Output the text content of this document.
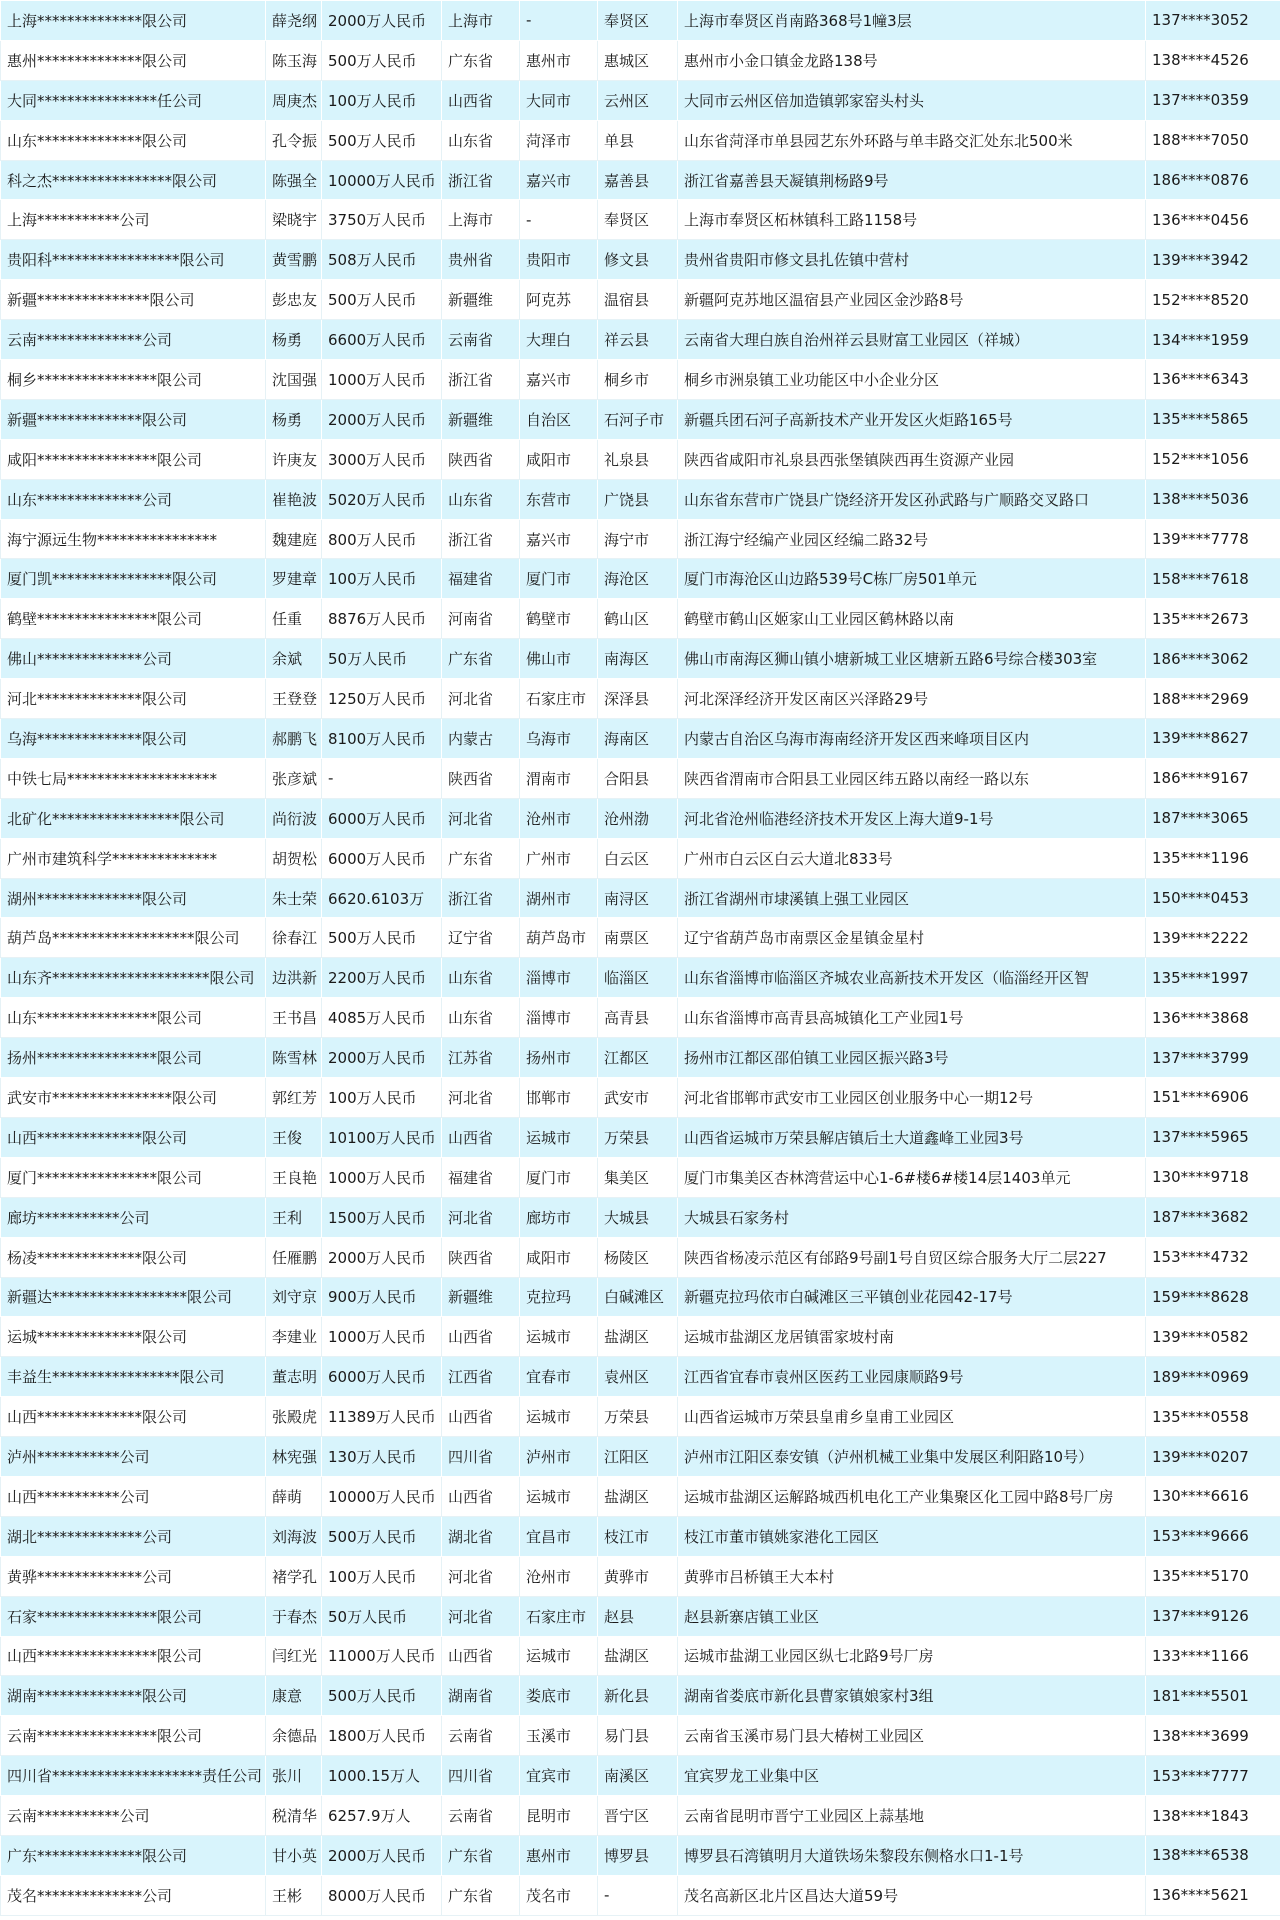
上海**************限公司	薛尧纲	2000万人民币	上海市	-	奉贤区	上海市奉贤区肖南路368号1幢3层	137****3052
惠州**************限公司	陈玉海	500万人民币	广东省	惠州市	惠城区	惠州市小金口镇金龙路138号	138****4526
大同****************任公司	周庚杰	100万人民币	山西省	大同市	云州区	大同市云州区倍加造镇郭家窑头村头	137****0359
山东**************限公司	孔令振	500万人民币	山东省	菏泽市	单县	山东省菏泽市单县园艺东外环路与单丰路交汇处东北500米	188****7050
科之杰****************限公司	陈强全	10000万人民币	浙江省	嘉兴市	嘉善县	浙江省嘉善县天凝镇荆杨路9号	186****0876
上海***********公司	梁晓宇	3750万人民币	上海市	-	奉贤区	上海市奉贤区柘林镇科工路1158号	136****0456
贵阳科*****************限公司	黄雪鹏	508万人民币	贵州省	贵阳市	修文县	贵州省贵阳市修文县扎佐镇中营村	139****3942
新疆***************限公司	彭忠友	500万人民币	新疆维	阿克苏	温宿县	新疆阿克苏地区温宿县产业园区金沙路8号	152****8520
云南**************公司	杨勇	6600万人民币	云南省	大理白	祥云县	云南省大理白族自治州祥云县财富工业园区（祥城）	134****1959
桐乡****************限公司	沈国强	1000万人民币	浙江省	嘉兴市	桐乡市	桐乡市洲泉镇工业功能区中小企业分区	136****6343
新疆**************限公司	杨勇	2000万人民币	新疆维	自治区	石河子市	新疆兵团石河子高新技术产业开发区火炬路165号	135****5865
咸阳****************限公司	许庚友	3000万人民币	陕西省	咸阳市	礼泉县	陕西省咸阳市礼泉县西张堡镇陕西再生资源产业园	152****1056
山东**************公司	崔艳波	5020万人民币	山东省	东营市	广饶县	山东省东营市广饶县广饶经济开发区孙武路与广顺路交叉路口	138****5036
海宁源远生物****************	魏建庭	800万人民币	浙江省	嘉兴市	海宁市	浙江海宁经编产业园区经编二路32号	139****7778
厦门凯****************限公司	罗建章	100万人民币	福建省	厦门市	海沧区	厦门市海沧区山边路539号C栋厂房501单元	158****7618
鹤壁****************限公司	任重	8876万人民币	河南省	鹤壁市	鹤山区	鹤壁市鹤山区姬家山工业园区鹤林路以南	135****2673
佛山**************公司	余斌	50万人民币	广东省	佛山市	南海区	佛山市南海区狮山镇小塘新城工业区塘新五路6号综合楼303室	186****3062
河北**************限公司	王登登	1250万人民币	河北省	石家庄市	深泽县	河北深泽经济开发区南区兴泽路29号	188****2969
乌海**************限公司	郝鹏飞	8100万人民币	内蒙古	乌海市	海南区	内蒙古自治区乌海市海南经济开发区西来峰项目区内	139****8627
中铁七局********************	张彦斌	-	陕西省	渭南市	合阳县	陕西省渭南市合阳县工业园区纬五路以南经一路以东	186****9167
北矿化*****************限公司	尚衍波	6000万人民币	河北省	沧州市	沧州渤	河北省沧州临港经济技术开发区上海大道9-1号	187****3065
广州市建筑科学**************	胡贺松	6000万人民币	广东省	广州市	白云区	广州市白云区白云大道北833号	135****1196
湖州**************限公司	朱士荣	6620.6103万	浙江省	湖州市	南浔区	浙江省湖州市埭溪镇上强工业园区	150****0453
葫芦岛*******************限公司	徐春江	500万人民币	辽宁省	葫芦岛市	南票区	辽宁省葫芦岛市南票区金星镇金星村	139****2222
山东齐*********************限公司	边洪新	2200万人民币	山东省	淄博市	临淄区	山东省淄博市临淄区齐城农业高新技术开发区（临淄经开区智	135****1997
山东****************限公司	王书昌	4085万人民币	山东省	淄博市	高青县	山东省淄博市高青县高城镇化工产业园1号	136****3868
扬州****************限公司	陈雪林	2000万人民币	江苏省	扬州市	江都区	扬州市江都区邵伯镇工业园区振兴路3号	137****3799
武安市****************限公司	郭红芳	100万人民币	河北省	邯郸市	武安市	河北省邯郸市武安市工业园区创业服务中心一期12号	151****6906
山西**************限公司	王俊	10100万人民币	山西省	运城市	万荣县	山西省运城市万荣县解店镇后土大道鑫峰工业园3号	137****5965
厦门****************限公司	王良艳	1000万人民币	福建省	厦门市	集美区	厦门市集美区杏林湾营运中心1-6#楼6#楼14层1403单元	130****9718
廊坊***********公司	王利	1500万人民币	河北省	廊坊市	大城县	大城县石家务村	187****3682
杨凌**************限公司	任雁鹏	2000万人民币	陕西省	咸阳市	杨陵区	陕西省杨凌示范区有邰路9号副1号自贸区综合服务大厅二层227	153****4732
新疆达******************限公司	刘守京	900万人民币	新疆维	克拉玛	白碱滩区	新疆克拉玛依市白碱滩区三平镇创业花园42-17号	159****8628
运城**************限公司	李建业	1000万人民币	山西省	运城市	盐湖区	运城市盐湖区龙居镇雷家坡村南	139****0582
丰益生*****************限公司	董志明	6000万人民币	江西省	宜春市	袁州区	江西省宜春市袁州区医药工业园康顺路9号	189****0969
山西**************限公司	张殿虎	11389万人民币	山西省	运城市	万荣县	山西省运城市万荣县皇甫乡皇甫工业园区	135****0558
泸州***********公司	林宪强	130万人民币	四川省	泸州市	江阳区	泸州市江阳区泰安镇（泸州机械工业集中发展区利阳路10号）	139****0207
山西***********公司	薛萌	10000万人民币	山西省	运城市	盐湖区	运城市盐湖区运解路城西机电化工产业集聚区化工园中路8号厂房	130****6616
湖北**************公司	刘海波	500万人民币	湖北省	宜昌市	枝江市	枝江市董市镇姚家港化工园区	153****9666
黄骅**************公司	褚学孔	100万人民币	河北省	沧州市	黄骅市	黄骅市吕桥镇王大本村	135****5170
石家****************限公司	于春杰	50万人民币	河北省	石家庄市	赵县	赵县新寨店镇工业区	137****9126
山西****************限公司	闫红光	11000万人民币	山西省	运城市	盐湖区	运城市盐湖工业园区纵七北路9号厂房	133****1166
湖南**************限公司	康意	500万人民币	湖南省	娄底市	新化县	湖南省娄底市新化县曹家镇娘家村3组	181****5501
云南****************限公司	余德品	1800万人民币	云南省	玉溪市	易门县	云南省玉溪市易门县大椿树工业园区	138****3699
四川省********************责任公司	张川	1000.15万人	四川省	宜宾市	南溪区	宜宾罗龙工业集中区	153****7777
云南***********公司	税清华	6257.9万人	云南省	昆明市	晋宁区	云南省昆明市晋宁工业园区上蒜基地	138****1843
广东**************限公司	甘小英	2000万人民币	广东省	惠州市	博罗县	博罗县石湾镇明月大道铁场朱黎段东侧格水口1-1号	138****6538
茂名**************公司	王彬	8000万人民币	广东省	茂名市	-	茂名高新区北片区昌达大道59号	136****5621
